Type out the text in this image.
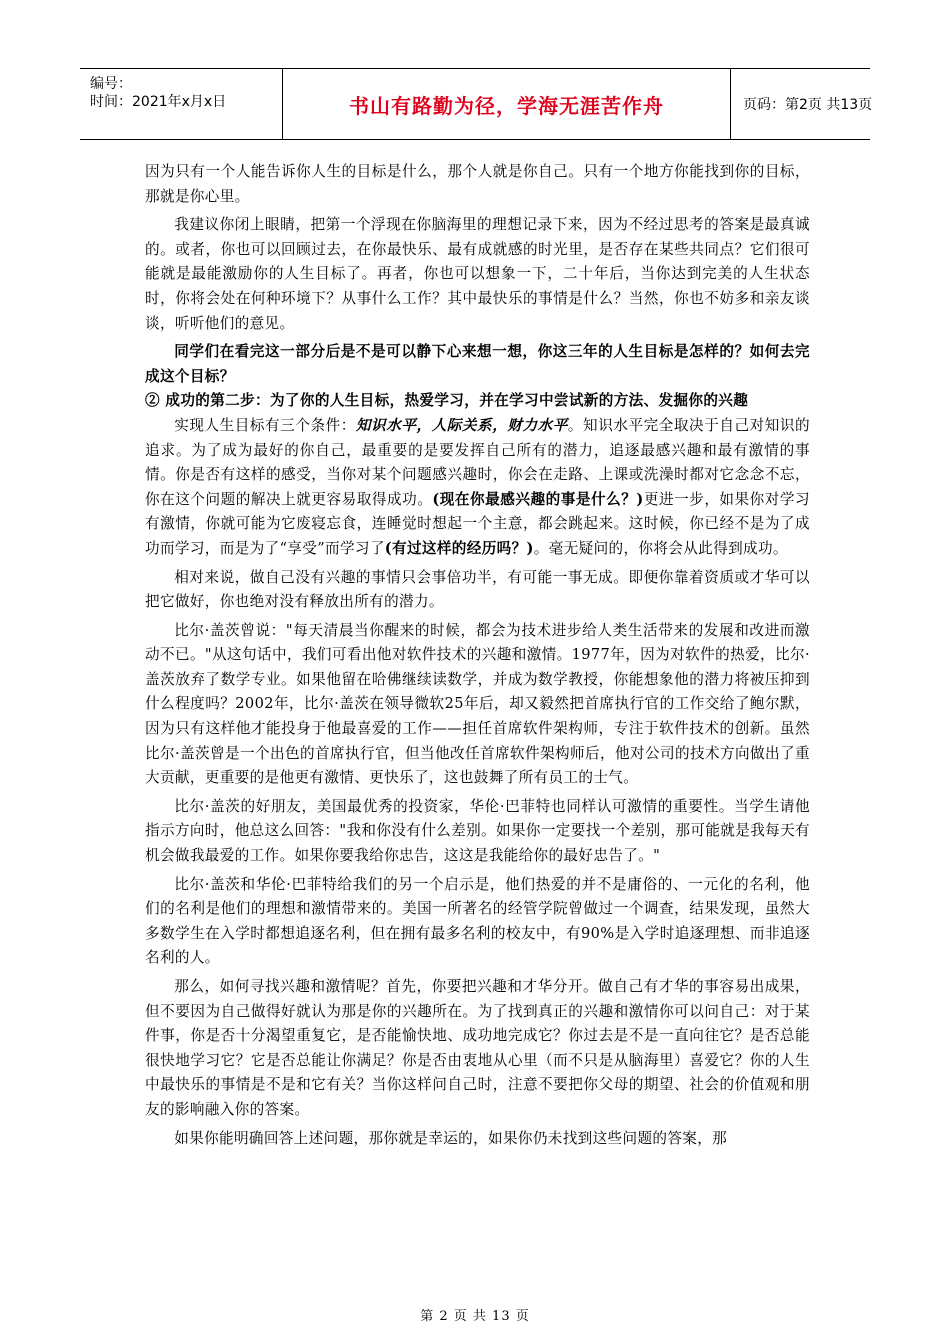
编号：
时间：2021年x月x日	书山有路勤为径，学海无涯苦作舟	页码：第2页 共13页

因为只有一个人能告诉你人生的目标是什么，那个人就是你自己。只有一个地方你能找到你的目标，那就是你心里。

我建议你闭上眼睛，把第一个浮现在你脑海里的理想记录下来，因为不经过思考的答案是最真诚的。或者，你也可以回顾过去，在你最快乐、最有成就感的时光里，是否存在某些共同点？它们很可能就是最能激励你的人生目标了。再者，你也可以想象一下，二十年后，当你达到完美的人生状态时，你将会处在何种环境下？从事什么工作？其中最快乐的事情是什么？当然，你也不妨多和亲友谈谈，听听他们的意见。

同学们在看完这一部分后是不是可以静下心来想一想，你这三年的人生目标是怎样的？如何去完成这个目标？

② 成功的第二步：为了你的人生目标，热爱学习，并在学习中尝试新的方法、发掘你的兴趣

实现人生目标有三个条件：知识水平，人际关系，财力水平。知识水平完全取决于自己对知识的追求。为了成为最好的你自己，最重要的是要发挥自己所有的潜力，追逐最感兴趣和最有激情的事情。你是否有这样的感受，当你对某个问题感兴趣时，你会在走路、上课或洗澡时都对它念念不忘，你在这个问题的解决上就更容易取得成功。(现在你最感兴趣的事是什么？)更进一步，如果你对学习有激情，你就可能为它废寝忘食，连睡觉时想起一个主意，都会跳起来。这时候，你已经不是为了成功而学习，而是为了“享受”而学习了(有过这样的经历吗？)。毫无疑问的，你将会从此得到成功。

相对来说，做自己没有兴趣的事情只会事倍功半，有可能一事无成。即便你靠着资质或才华可以把它做好，你也绝对没有释放出所有的潜力。

比尔·盖茨曾说："每天清晨当你醒来的时候，都会为技术进步给人类生活带来的发展和改进而激动不已。"从这句话中，我们可看出他对软件技术的兴趣和激情。1977年，因为对软件的热爱，比尔·盖茨放弃了数学专业。如果他留在哈佛继续读数学，并成为数学教授，你能想象他的潜力将被压抑到什么程度吗？2002年，比尔·盖茨在领导微软25年后，却又毅然把首席执行官的工作交给了鲍尔默，因为只有这样他才能投身于他最喜爱的工作——担任首席软件架构师，专注于软件技术的创新。虽然比尔·盖茨曾是一个出色的首席执行官，但当他改任首席软件架构师后，他对公司的技术方向做出了重大贡献，更重要的是他更有激情、更快乐了，这也鼓舞了所有员工的士气。

比尔·盖茨的好朋友，美国最优秀的投资家，华伦·巴菲特也同样认可激情的重要性。当学生请他指示方向时，他总这么回答："我和你没有什么差别。如果你一定要找一个差别，那可能就是我每天有机会做我最爱的工作。如果你要我给你忠告，这这是我能给你的最好忠告了。"

比尔·盖茨和华伦·巴菲特给我们的另一个启示是，他们热爱的并不是庸俗的、一元化的名利，他们的名利是他们的理想和激情带来的。美国一所著名的经管学院曾做过一个调查，结果发现，虽然大多数学生在入学时都想追逐名利，但在拥有最多名利的校友中，有90%是入学时追逐理想、而非追逐名利的人。

那么，如何寻找兴趣和激情呢？首先，你要把兴趣和才华分开。做自己有才华的事容易出成果，但不要因为自己做得好就认为那是你的兴趣所在。为了找到真正的兴趣和激情你可以问自己：对于某件事，你是否十分渴望重复它，是否能愉快地、成功地完成它？你过去是不是一直向往它？是否总能很快地学习它？它是否总能让你满足？你是否由衷地从心里（而不只是从脑海里）喜爱它？你的人生中最快乐的事情是不是和它有关？当你这样问自己时，注意不要把你父母的期望、社会的价值观和朋友的影响融入你的答案。

如果你能明确回答上述问题，那你就是幸运的，如果你仍未找到这些问题的答案，那

第 2 页 共 13 页
